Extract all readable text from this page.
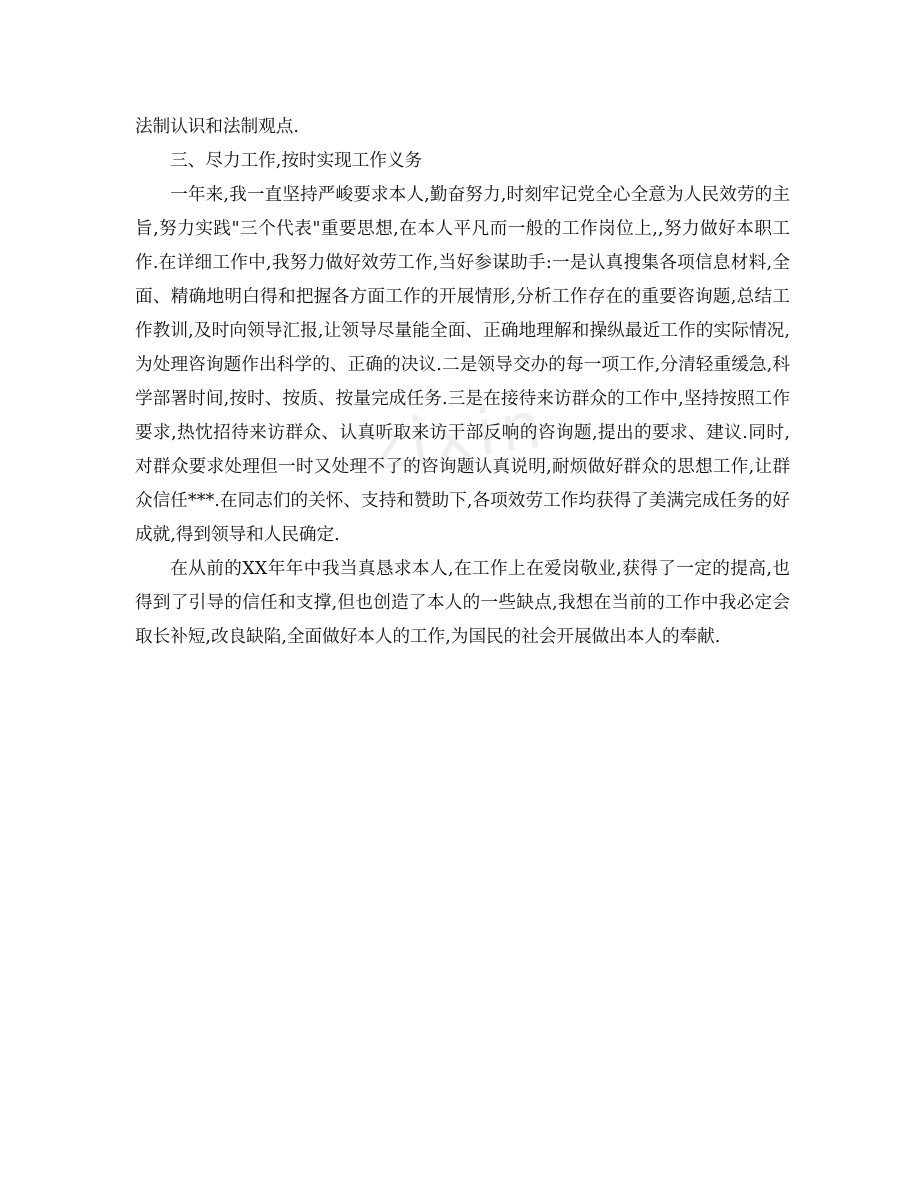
zixin

法制认识和法制观点.

三、尽力工作,按时实现工作义务

一年来,我一直坚持严峻要求本人,勤奋努力,时刻牢记党全心全意为人民效劳的主旨,努力实践"三个代表"重要思想,在本人平凡而一般的工作岗位上,,努力做好本职工作.在详细工作中,我努力做好效劳工作,当好参谋助手:一是认真搜集各项信息材料,全面、精确地明白得和把握各方面工作的开展情形,分析工作存在的重要咨询题,总结工作教训,及时向领导汇报,让领导尽量能全面、正确地理解和操纵最近工作的实际情况,为处理咨询题作出科学的、正确的决议.二是领导交办的每一项工作,分清轻重缓急,科学部署时间,按时、按质、按量完成任务.三是在接待来访群众的工作中,坚持按照工作要求,热忱招待来访群众、认真听取来访干部反响的咨询题,提出的要求、建议.同时,对群众要求处理但一时又处理不了的咨询题认真说明,耐烦做好群众的思想工作,让群众信任***.在同志们的关怀、支持和赞助下,各项效劳工作均获得了美满完成任务的好成就,得到领导和人民确定.

在从前的XX年年中我当真恳求本人,在工作上在爱岗敬业,获得了一定的提高,也得到了引导的信任和支撑,但也创造了本人的一些缺点,我想在当前的工作中我必定会取长补短,改良缺陷,全面做好本人的工作,为国民的社会开展做出本人的奉献.
